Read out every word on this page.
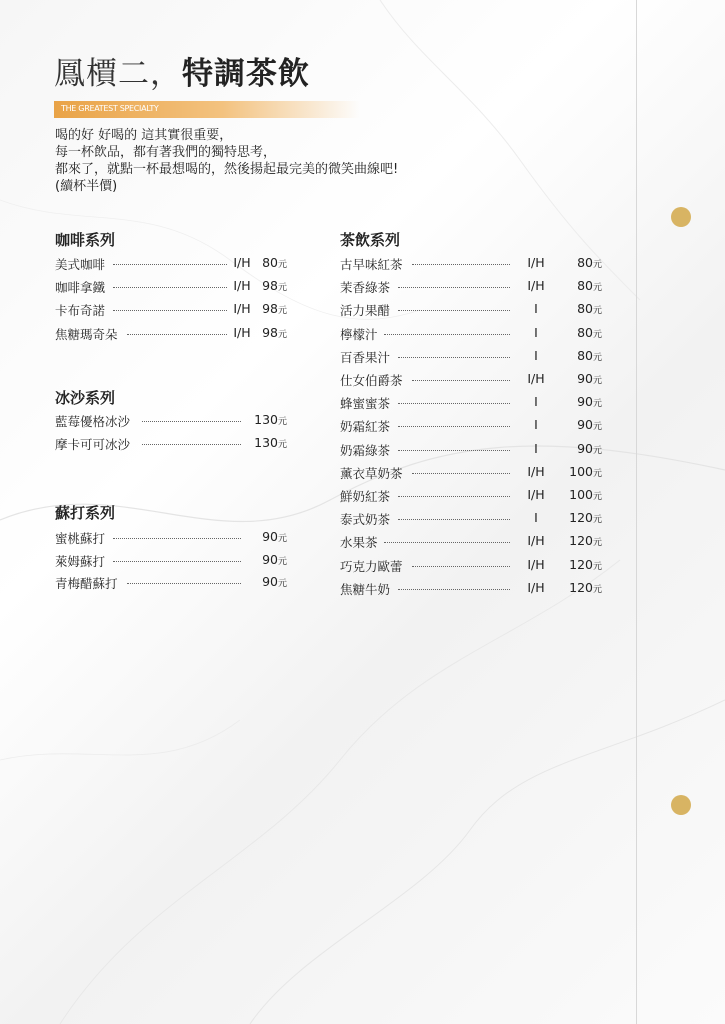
鳳檟二，特調茶飲
THE GREATEST SPECIALTY
喝的好 好喝的 這其實很重要，
每一杯飲品，都有著我們的獨特思考，
都來了，就點一杯最想喝的，然後揚起最完美的微笑曲線吧!
(續杯半價)
咖啡系列
冰沙系列
蘇打系列
茶飲系列
美式咖啡	I/H 80元
咖啡拿鐵	I/H 98元
卡布奇諾	I/H 98元
焦糖瑪奇朵	I/H 98元
藍莓優格冰沙	130元
摩卡可可冰沙	130元
蜜桃蘇打	90元
萊姆蘇打	90元
青梅醋蘇打	90元
古早味紅茶	I/H	80元
茉香綠茶	I/H	80元
活力果醋	I	80元
檸檬汁	I	80元
百香果汁	I	80元
仕女伯爵茶	I/H	90元
蜂蜜蜜茶	I	90元
奶霜紅茶	I	90元
奶霜綠茶	I	90元
薰衣草奶茶	I/H	100元
鮮奶紅茶	I/H	100元
泰式奶茶	I	120元
水果茶	I/H	120元
巧克力歐蕾	I/H	120元
焦糖牛奶	I/H	120元
